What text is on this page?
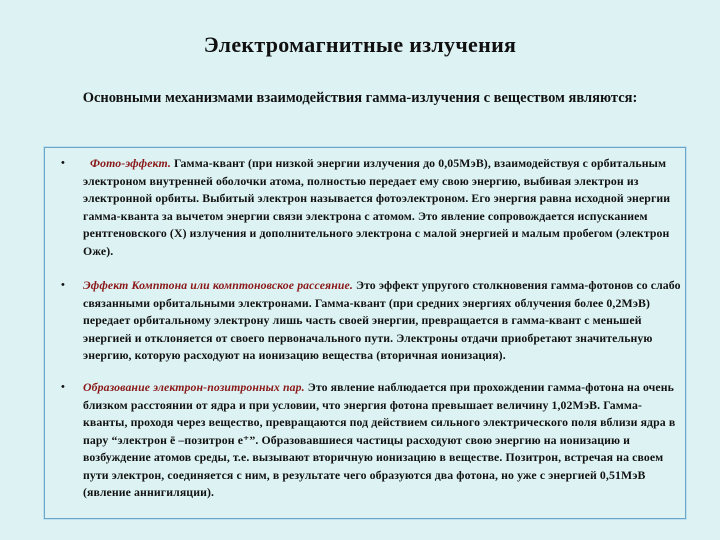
Электромагнитные излучения
Основными механизмами взаимодействия гамма-излучения с веществом являются:
• Фото-эффект. Гамма-квант (при низкой энергии излучения до 0,05МэВ), взаимодействуя с орбитальным электроном внутренней оболочки атома, полностью передает ему свою энергию, выбивая электрон из электронной орбиты. Выбитый электрон называется фотоэлектроном. Его энергия равна исходной энергии гамма-кванта за вычетом энергии связи электрона с атомом. Это явление сопровождается испусканием рентгеновского (Х) излучения и дополнительного электрона с малой энергией и малым пробегом (электрон Оже).
• Эффект Комптона или комптоновское рассеяние. Это эффект упругого столкновения гамма-фотонов со слабо связанными орбитальными электронами. Гамма-квант (при средних энергиях облучения более 0,2МэВ) передает орбитальному электрону лишь часть своей энергии, превращается в гамма-квант с меньшей энергией и отклоняется от своего первоначального пути. Электроны отдачи приобретают значительную энергию, которую расходуют на ионизацию вещества (вторичная ионизация).
• Образование электрон-позитронных пар. Это явление наблюдается при прохождении гамма-фотона на очень близком расстоянии от ядра и при условии, что энергия фотона превышает величину 1,02МэВ. Гамма-кванты, проходя через вещество, превращаются под действием сильного электрического поля вблизи ядра в пару “электрон ē –позитрон e⁺”. Образовавшиеся частицы расходуют свою энергию на ионизацию и возбуждение атомов среды, т.е. вызывают вторичную ионизацию в веществе. Позитрон, встречая на своем пути электрон, соединяется с ним, в результате чего образуются два фотона, но уже с энергией 0,51МэВ (явление аннигиляции).
